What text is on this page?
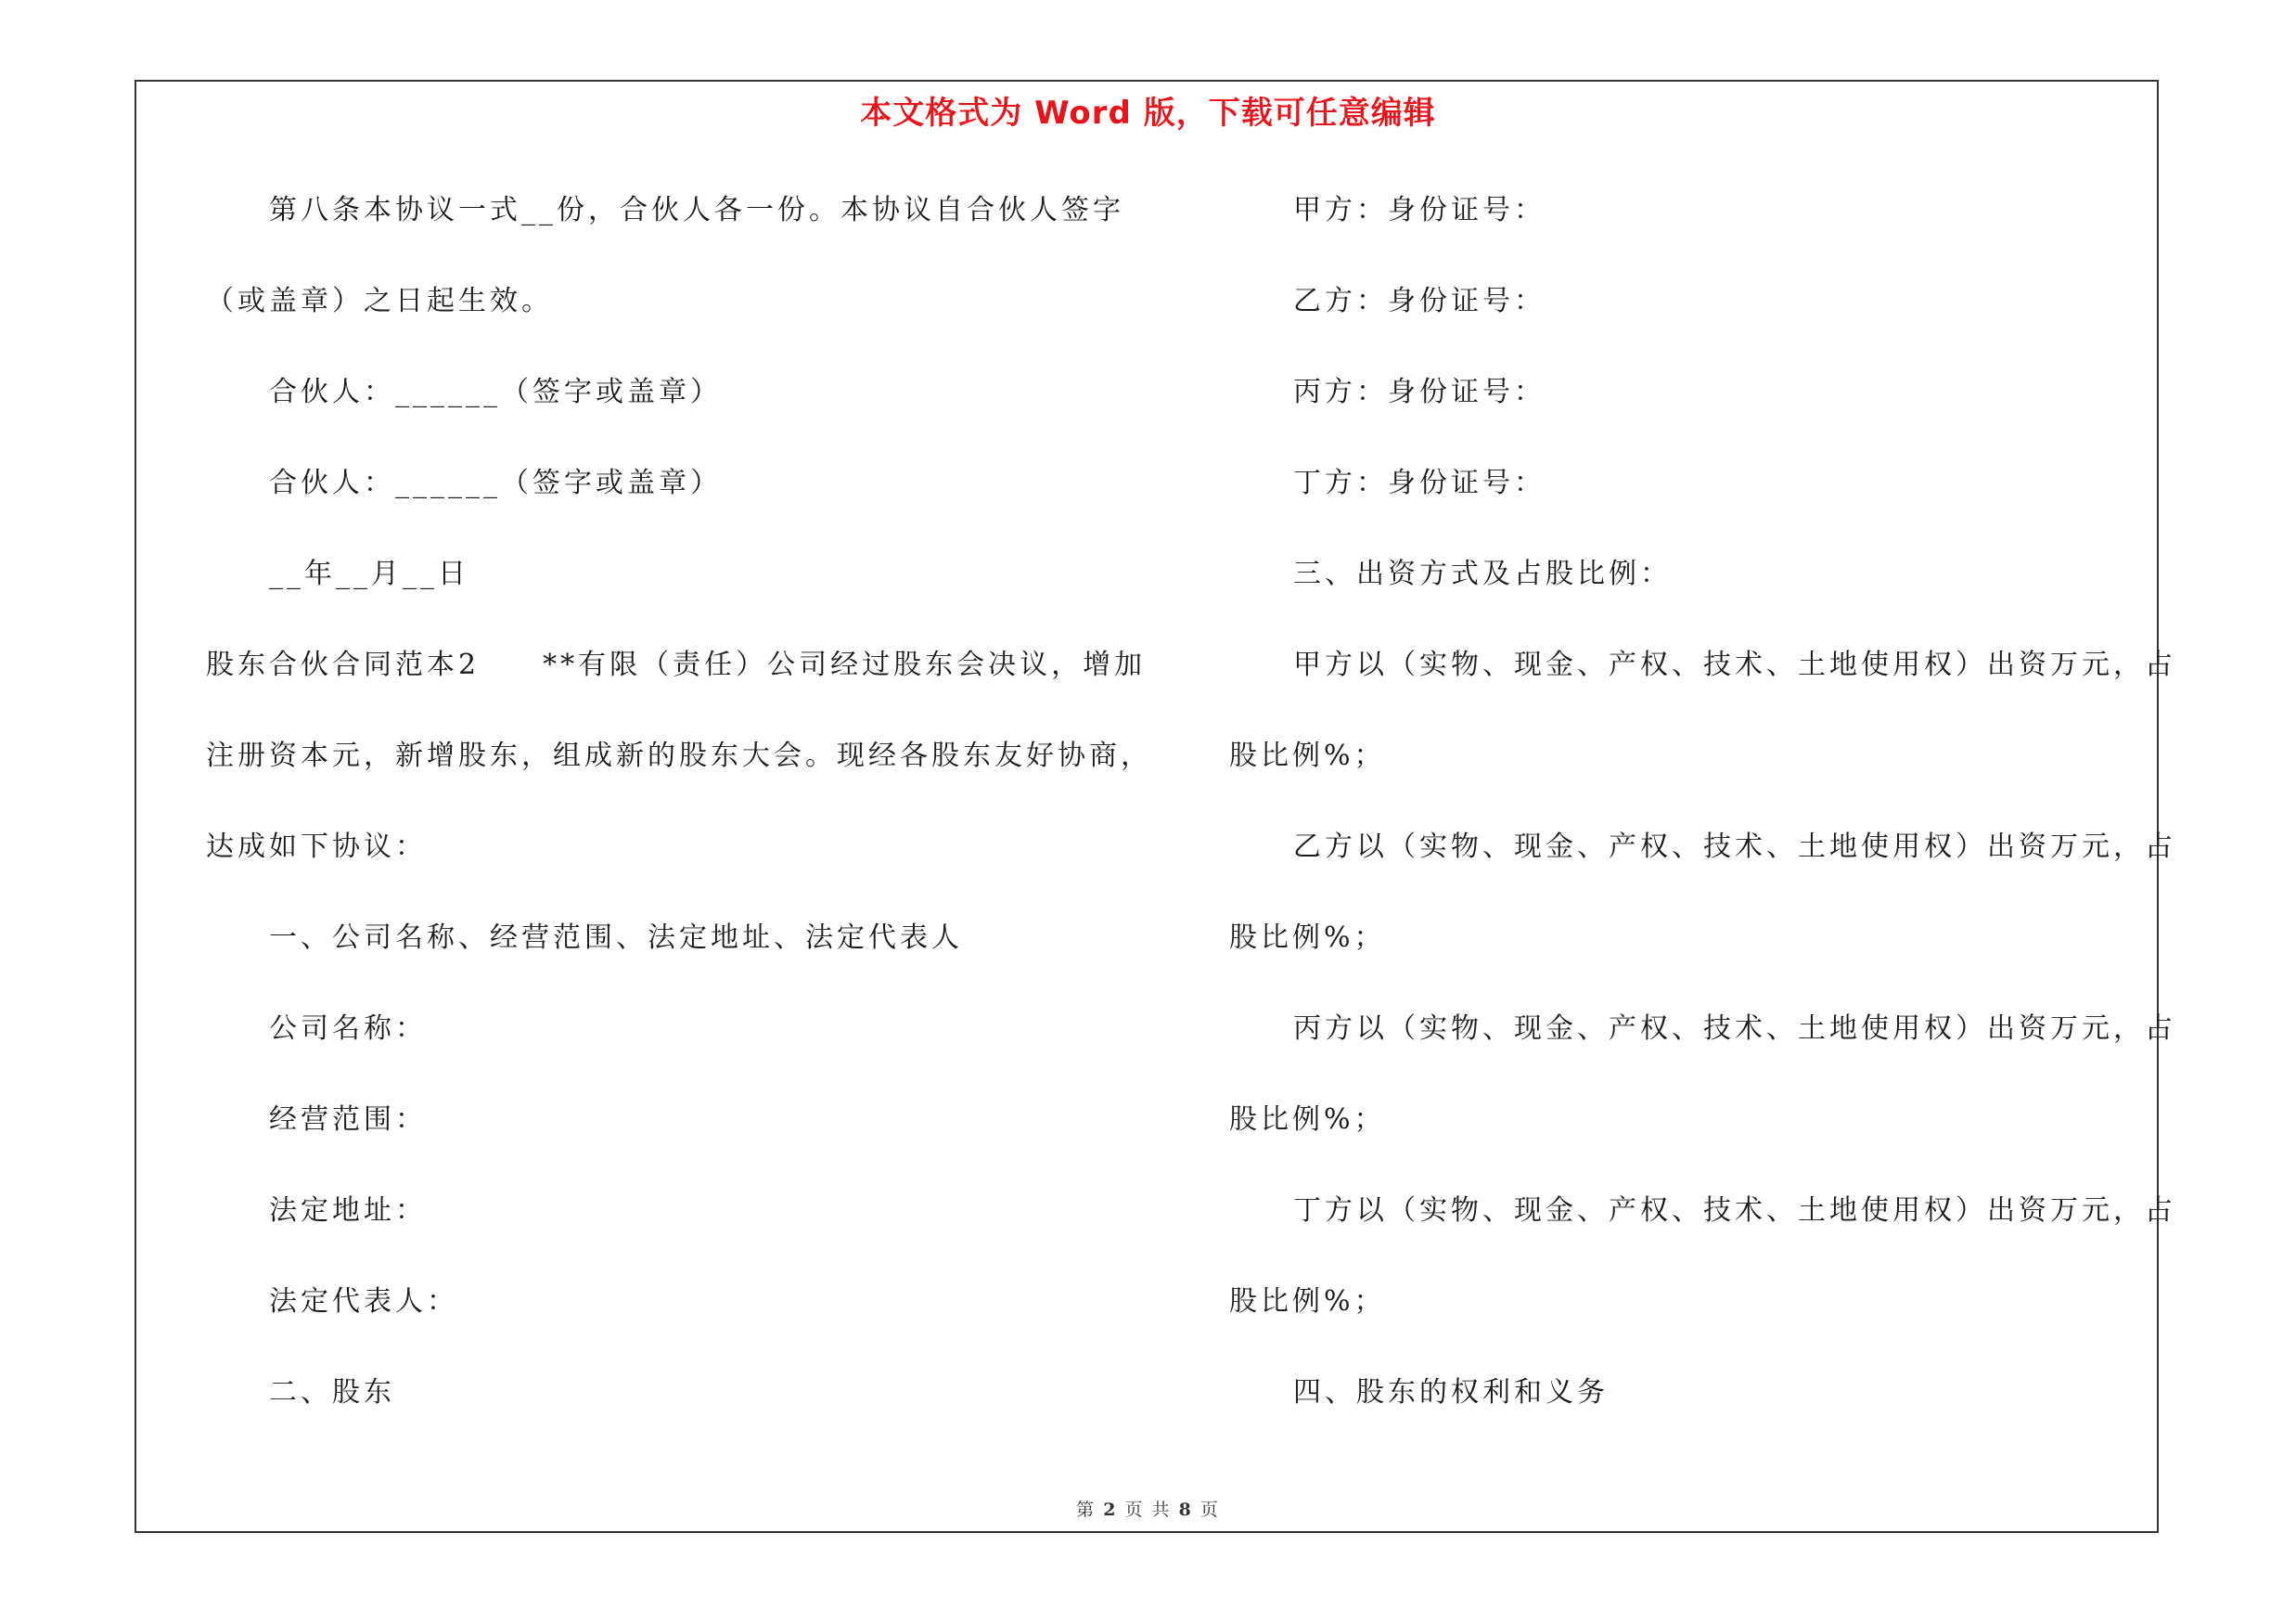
本文格式为 Word 版，下载可任意编辑
第八条本协议一式__份，合伙人各一份。本协议自合伙人签字
（或盖章）之日起生效。
合伙人：______（签字或盖章）
合伙人：______（签字或盖章）
__年__月__日
股东合伙合同范本2　　**有限（责任）公司经过股东会决议，增加
注册资本元，新增股东，组成新的股东大会。现经各股东友好协商，
达成如下协议：
一、公司名称、经营范围、法定地址、法定代表人
公司名称：
经营范围：
法定地址：
法定代表人：
二、股东
甲方：身份证号：
乙方：身份证号：
丙方：身份证号：
丁方：身份证号：
三、出资方式及占股比例：
甲方以（实物、现金、产权、技术、土地使用权）出资万元，占
股比例%；
乙方以（实物、现金、产权、技术、土地使用权）出资万元，占
股比例%；
丙方以（实物、现金、产权、技术、土地使用权）出资万元，占
股比例%；
丁方以（实物、现金、产权、技术、土地使用权）出资万元，占
股比例%；
四、股东的权利和义务
第 2 页 共 8 页
